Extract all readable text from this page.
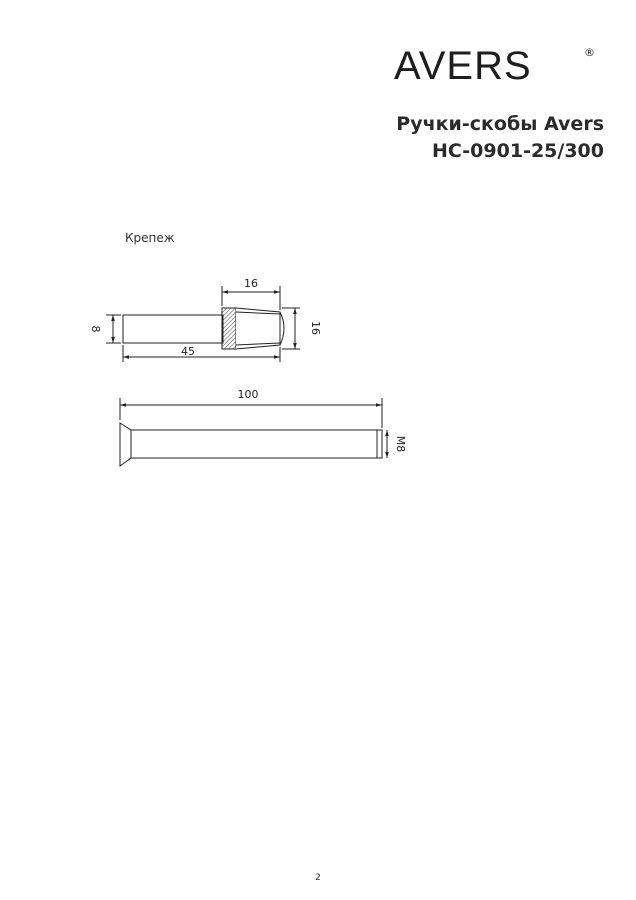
AVERS	®
Ручки-скобы Avers
HC-0901-25/300
Крепеж
16
16
8
45
100
M8
2
